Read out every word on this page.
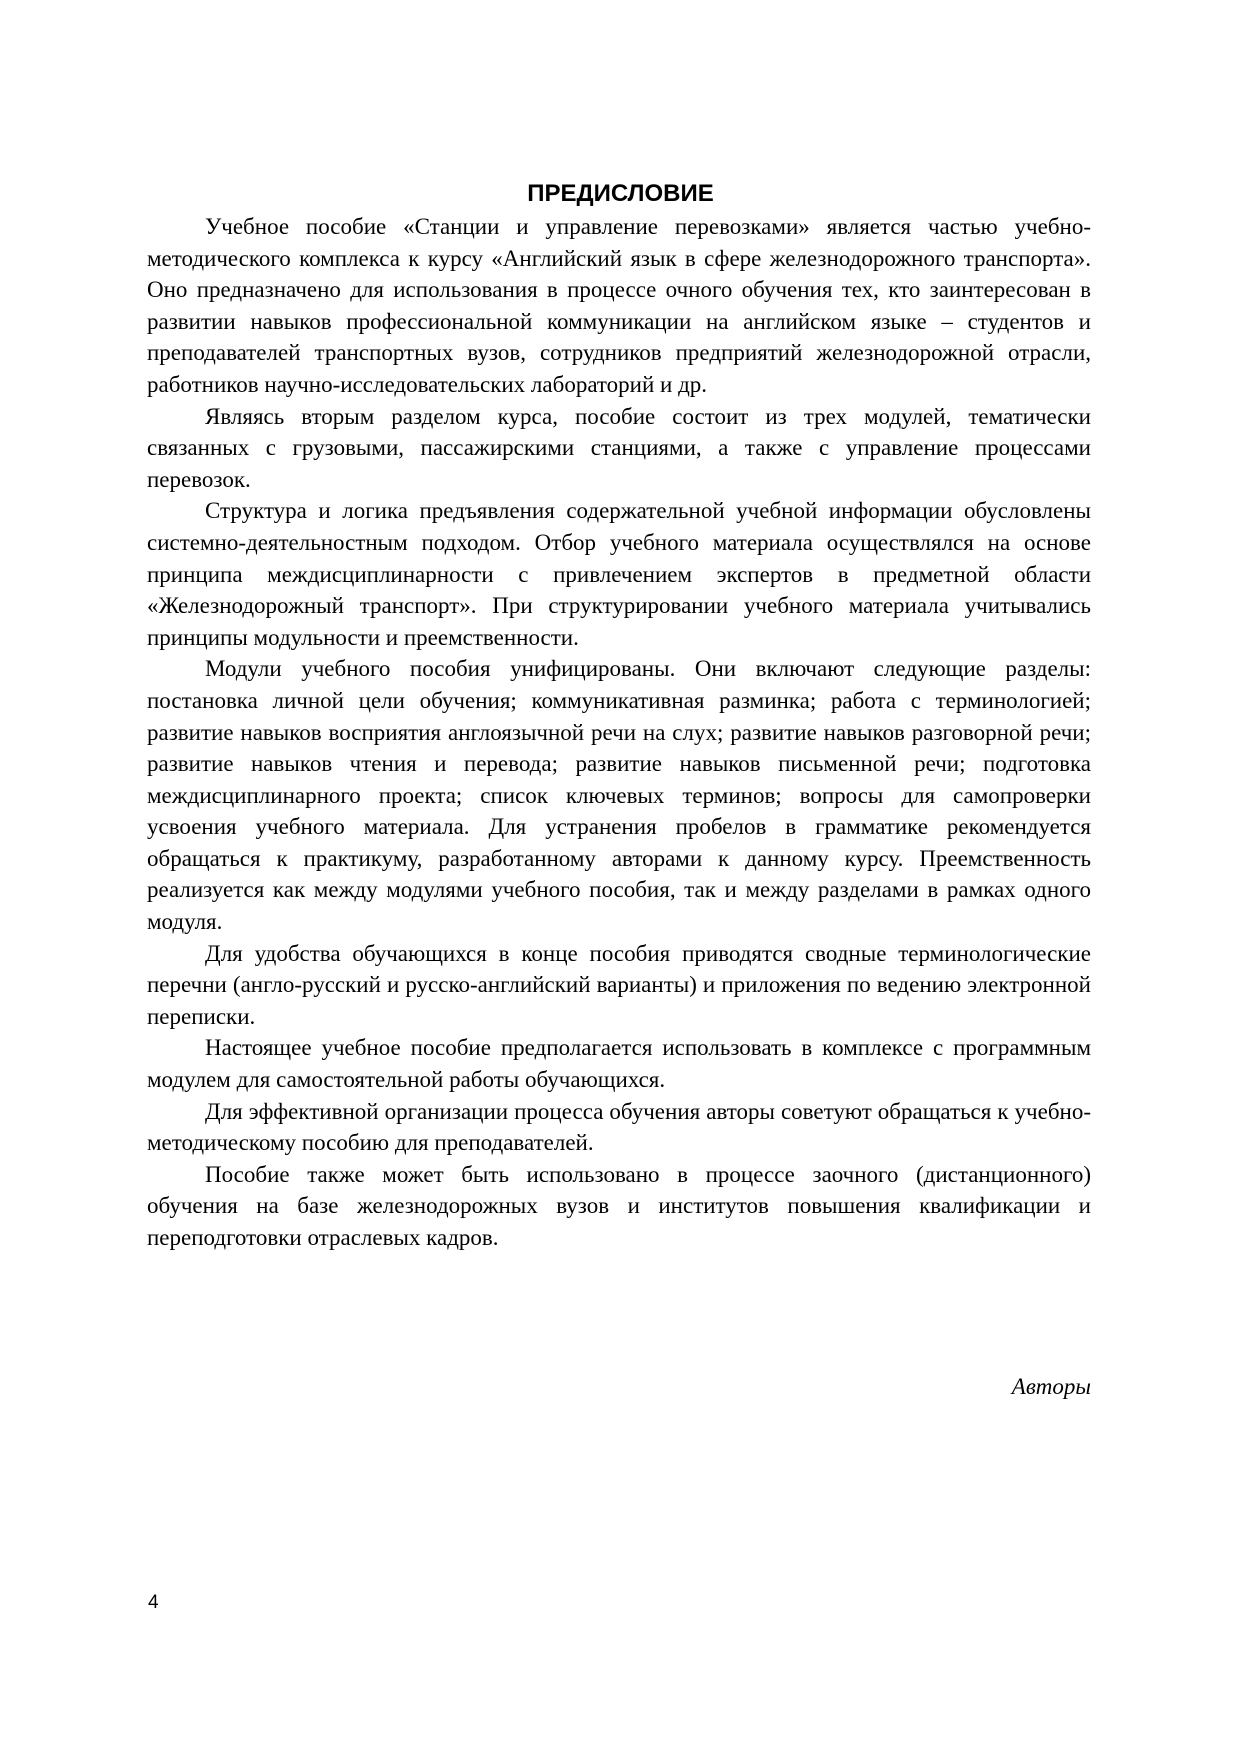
ПРЕДИСЛОВИЕ

Учебное пособие «Станции и управление перевозками» является частью учебно-методического комплекса к курсу «Английский язык в сфере железнодорожного транспорта». Оно предназначено для использования в процессе очного обучения тех, кто заинтересован в развитии навыков профессиональной коммуникации на английском языке – студентов и преподавателей транспортных вузов, сотрудников предприятий железнодорожной отрасли, работников научно-исследовательских лабораторий и др.

Являясь вторым разделом курса, пособие состоит из трех модулей, тематически связанных с грузовыми, пассажирскими станциями, а также с управление процессами перевозок.

Структура и логика предъявления содержательной учебной информации обусловлены системно-деятельностным подходом. Отбор учебного материала осуществлялся на основе принципа междисциплинарности с привлечением экспертов в предметной области «Железнодорожный транспорт». При структурировании учебного материала учитывались принципы модульности и преемственности.

Модули учебного пособия унифицированы. Они включают следующие разделы: постановка личной цели обучения; коммуникативная разминка; работа с терминологией; развитие навыков восприятия англоязычной речи на слух; развитие навыков разговорной речи; развитие навыков чтения и перевода; развитие навыков письменной речи; подготовка междисциплинарного проекта; список ключевых терминов; вопросы для самопроверки усвоения учебного материала. Для устранения пробелов в грамматике рекомендуется обращаться к практикуму, разработанному авторами к данному курсу. Преемственность реализуется как между модулями учебного пособия, так и между разделами в рамках одного модуля.

Для удобства обучающихся в конце пособия приводятся сводные терминологические перечни (англо-русский и русско-английский варианты) и приложения по ведению электронной переписки.

Настоящее учебное пособие предполагается использовать в комплексе с программным модулем для самостоятельной работы обучающихся.

Для эффективной организации процесса обучения авторы советуют обращаться к учебно-методическому пособию для преподавателей.

Пособие также может быть использовано в процессе заочного (дистанционного) обучения на базе железнодорожных вузов и институтов повышения квалификации и переподготовки отраслевых кадров.

Авторы

4
